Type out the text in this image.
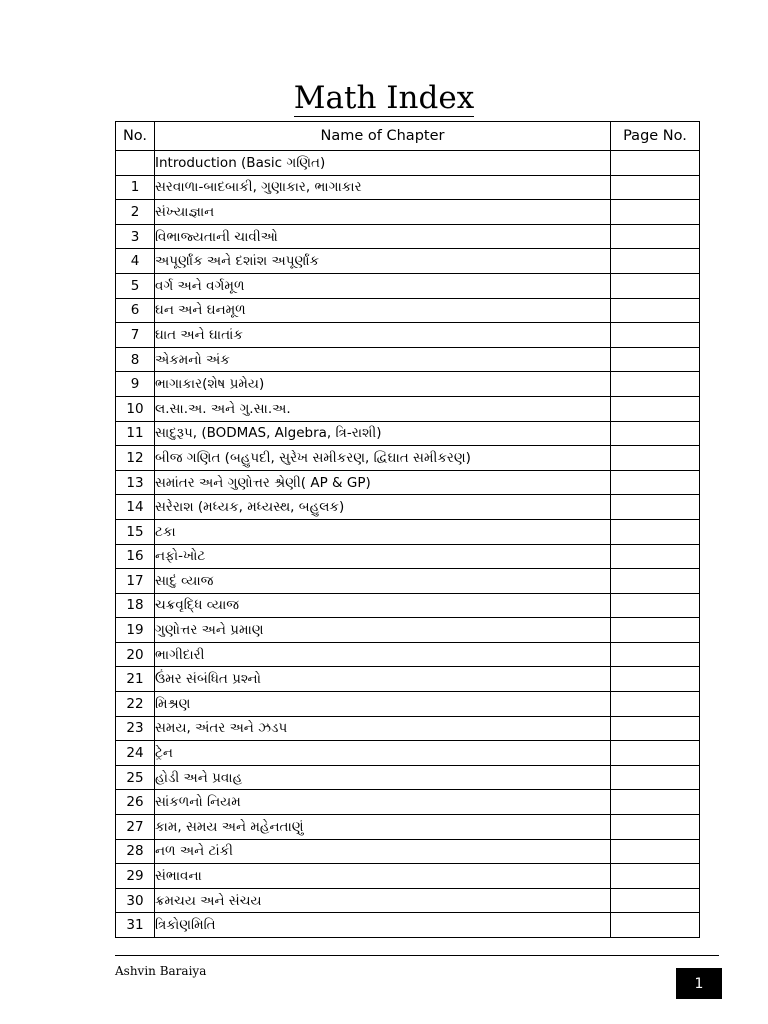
Math Index
No.	Name of Chapter	Page No.
	Introduction (Basic ગણિત)	
1	સરવાળા-બાદબાકી, ગુણાકાર, ભાગાકાર	
2	સંખ્યાજ્ઞાન	
3	વિભાજ્યતાની ચાવીઓ	
4	અપૂર્ણાંક અને દશાંશ અપૂર્ણાંક	
5	વર્ગ અને વર્ગમૂળ	
6	ઘન અને ઘનમૂળ	
7	ઘાત અને ઘાતાંક	
8	એકમનો અંક	
9	ભાગાકાર(શેષ પ્રમેય)	
10	લ.સા.અ. અને ગુ.સા.અ.	
11	સાદુરૂપ, (BODMAS, Algebra, ત્રિ-રાશી)	
12	બીજ ગણિત (બહુપદી, સુરેખ સમીકરણ, દ્વિઘાત સમીકરણ)	
13	સમાંતર અને ગુણોત્તર શ્રેણી( AP & GP)	
14	સરેરાશ (મધ્યક, મધ્યસ્થ, બહુલક)	
15	ટકા	
16	નફો-ખોટ	
17	સાદું વ્યાજ	
18	ચક્રવૃદ્ધિ વ્યાજ	
19	ગુણોત્તર અને પ્રમાણ	
20	ભાગીદારી	
21	ઉંમર સંબંધિત પ્રશ્નો	
22	મિશ્રણ	
23	સમય, અંતર અને ઝડપ	
24	ટ્રેન	
25	હોડી અને પ્રવાહ	
26	સાંકળનો નિયમ	
27	કામ, સમય અને મહેનતાણું	
28	નળ અને ટાંકી	
29	સંભાવના	
30	ક્રમચય અને સંચય	
31	ત્રિકોણમિતિ	
Ashvin Baraiya
1
